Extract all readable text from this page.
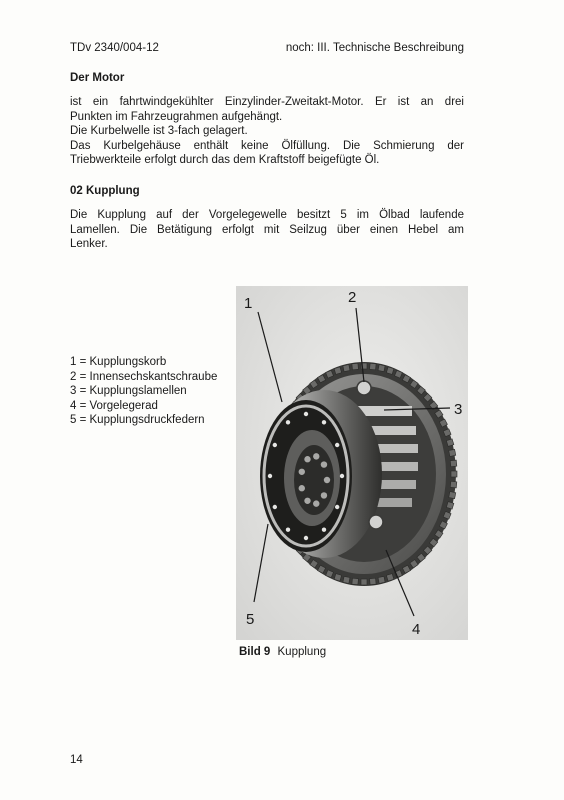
TDv 2340/004-12	noch: III. Technische Beschreibung
Der Motor
ist ein fahrtwindgekühlter Einzylinder-Zweitakt-Motor. Er ist an drei
Punkten im Fahrzeugrahmen aufgehängt.
Die Kurbelwelle ist 3-fach gelagert.
Das Kurbelgehäuse enthält keine Ölfüllung. Die Schmierung der
Triebwerkteile erfolgt durch das dem Kraftstoff beigefügte Öl.
02 Kupplung
Die Kupplung auf der Vorgelegewelle besitzt 5 im Ölbad laufende
Lamellen. Die Betätigung erfolgt mit Seilzug über einen Hebel am
Lenker.
1 = Kupplungskorb
2 = Innensechskantschraube
3 = Kupplungslamellen
4 = Vorgelegerad
5 = Kupplungsdruckfedern
1	2
3
4
5
Bild 9 Kupplung
14
